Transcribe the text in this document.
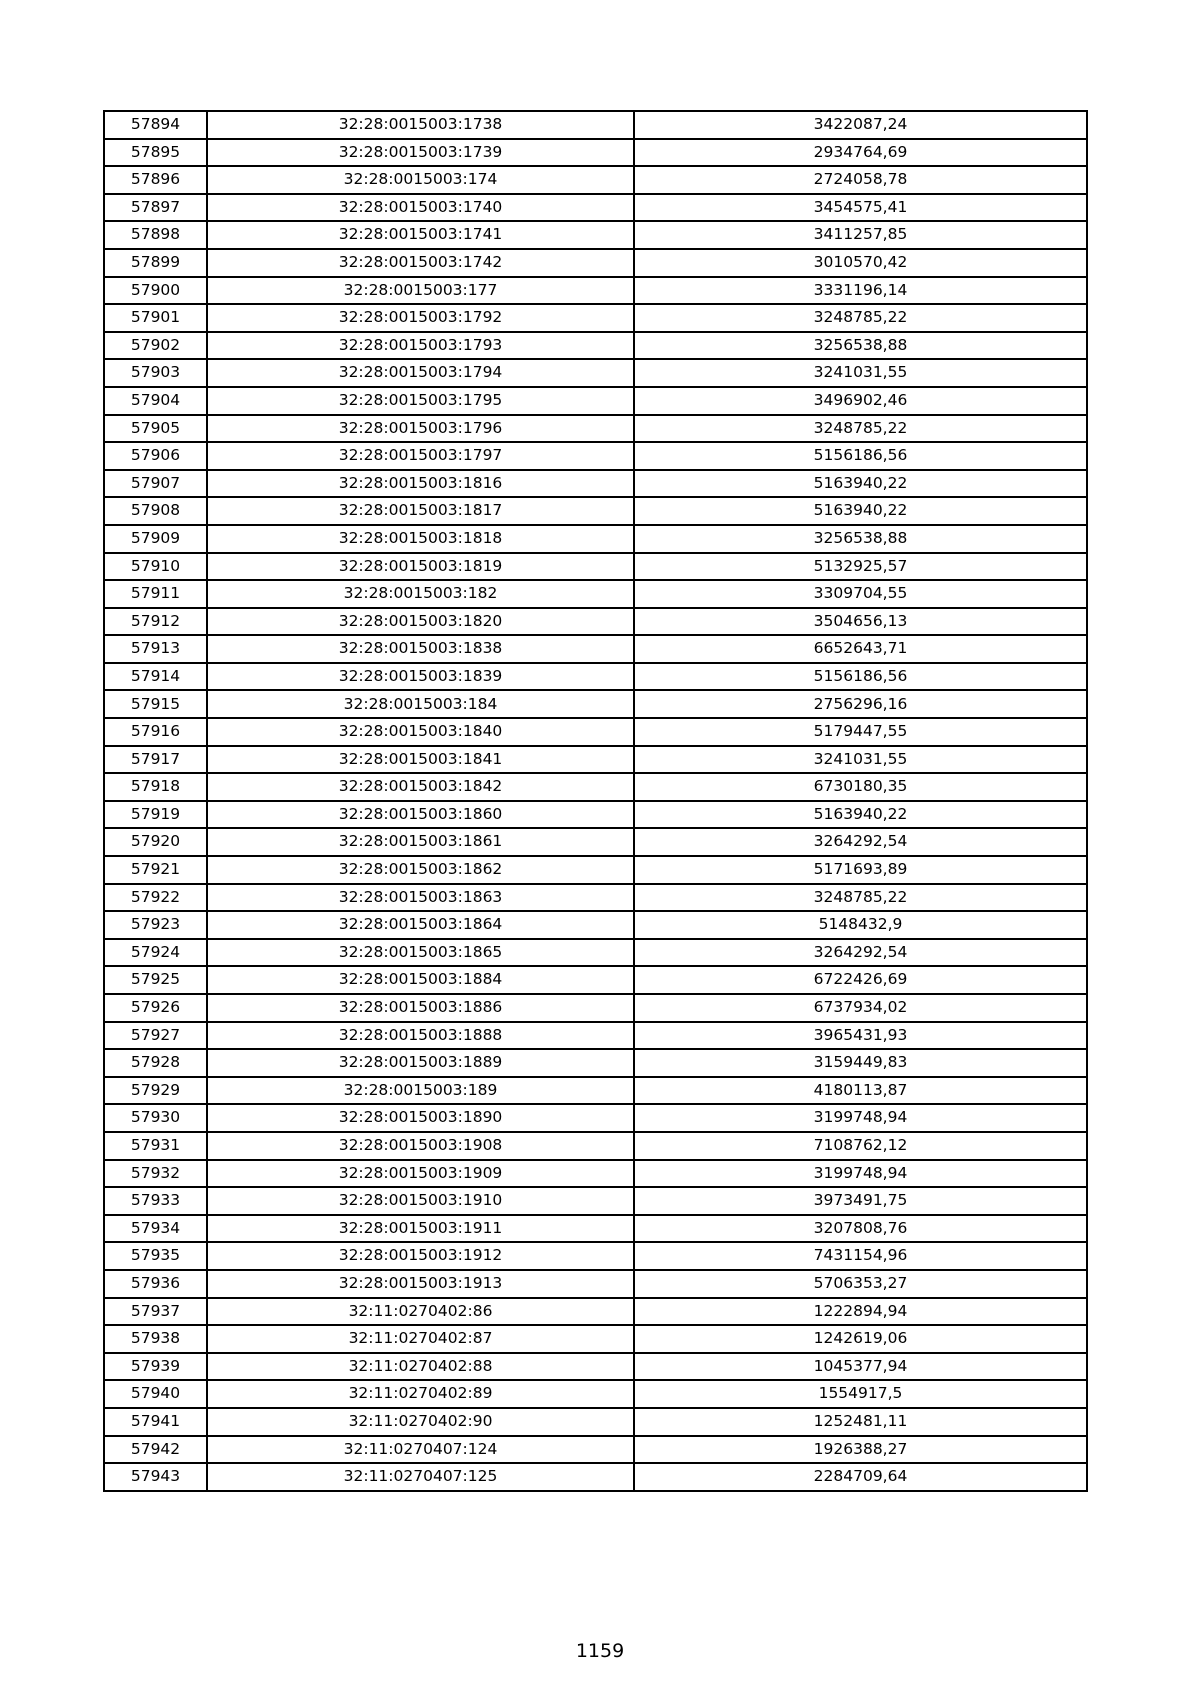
57894	32:28:0015003:1738	3422087,24
57895	32:28:0015003:1739	2934764,69
57896	32:28:0015003:174	2724058,78
57897	32:28:0015003:1740	3454575,41
57898	32:28:0015003:1741	3411257,85
57899	32:28:0015003:1742	3010570,42
57900	32:28:0015003:177	3331196,14
57901	32:28:0015003:1792	3248785,22
57902	32:28:0015003:1793	3256538,88
57903	32:28:0015003:1794	3241031,55
57904	32:28:0015003:1795	3496902,46
57905	32:28:0015003:1796	3248785,22
57906	32:28:0015003:1797	5156186,56
57907	32:28:0015003:1816	5163940,22
57908	32:28:0015003:1817	5163940,22
57909	32:28:0015003:1818	3256538,88
57910	32:28:0015003:1819	5132925,57
57911	32:28:0015003:182	3309704,55
57912	32:28:0015003:1820	3504656,13
57913	32:28:0015003:1838	6652643,71
57914	32:28:0015003:1839	5156186,56
57915	32:28:0015003:184	2756296,16
57916	32:28:0015003:1840	5179447,55
57917	32:28:0015003:1841	3241031,55
57918	32:28:0015003:1842	6730180,35
57919	32:28:0015003:1860	5163940,22
57920	32:28:0015003:1861	3264292,54
57921	32:28:0015003:1862	5171693,89
57922	32:28:0015003:1863	3248785,22
57923	32:28:0015003:1864	5148432,9
57924	32:28:0015003:1865	3264292,54
57925	32:28:0015003:1884	6722426,69
57926	32:28:0015003:1886	6737934,02
57927	32:28:0015003:1888	3965431,93
57928	32:28:0015003:1889	3159449,83
57929	32:28:0015003:189	4180113,87
57930	32:28:0015003:1890	3199748,94
57931	32:28:0015003:1908	7108762,12
57932	32:28:0015003:1909	3199748,94
57933	32:28:0015003:1910	3973491,75
57934	32:28:0015003:1911	3207808,76
57935	32:28:0015003:1912	7431154,96
57936	32:28:0015003:1913	5706353,27
57937	32:11:0270402:86	1222894,94
57938	32:11:0270402:87	1242619,06
57939	32:11:0270402:88	1045377,94
57940	32:11:0270402:89	1554917,5
57941	32:11:0270402:90	1252481,11
57942	32:11:0270407:124	1926388,27
57943	32:11:0270407:125	2284709,64
1159
